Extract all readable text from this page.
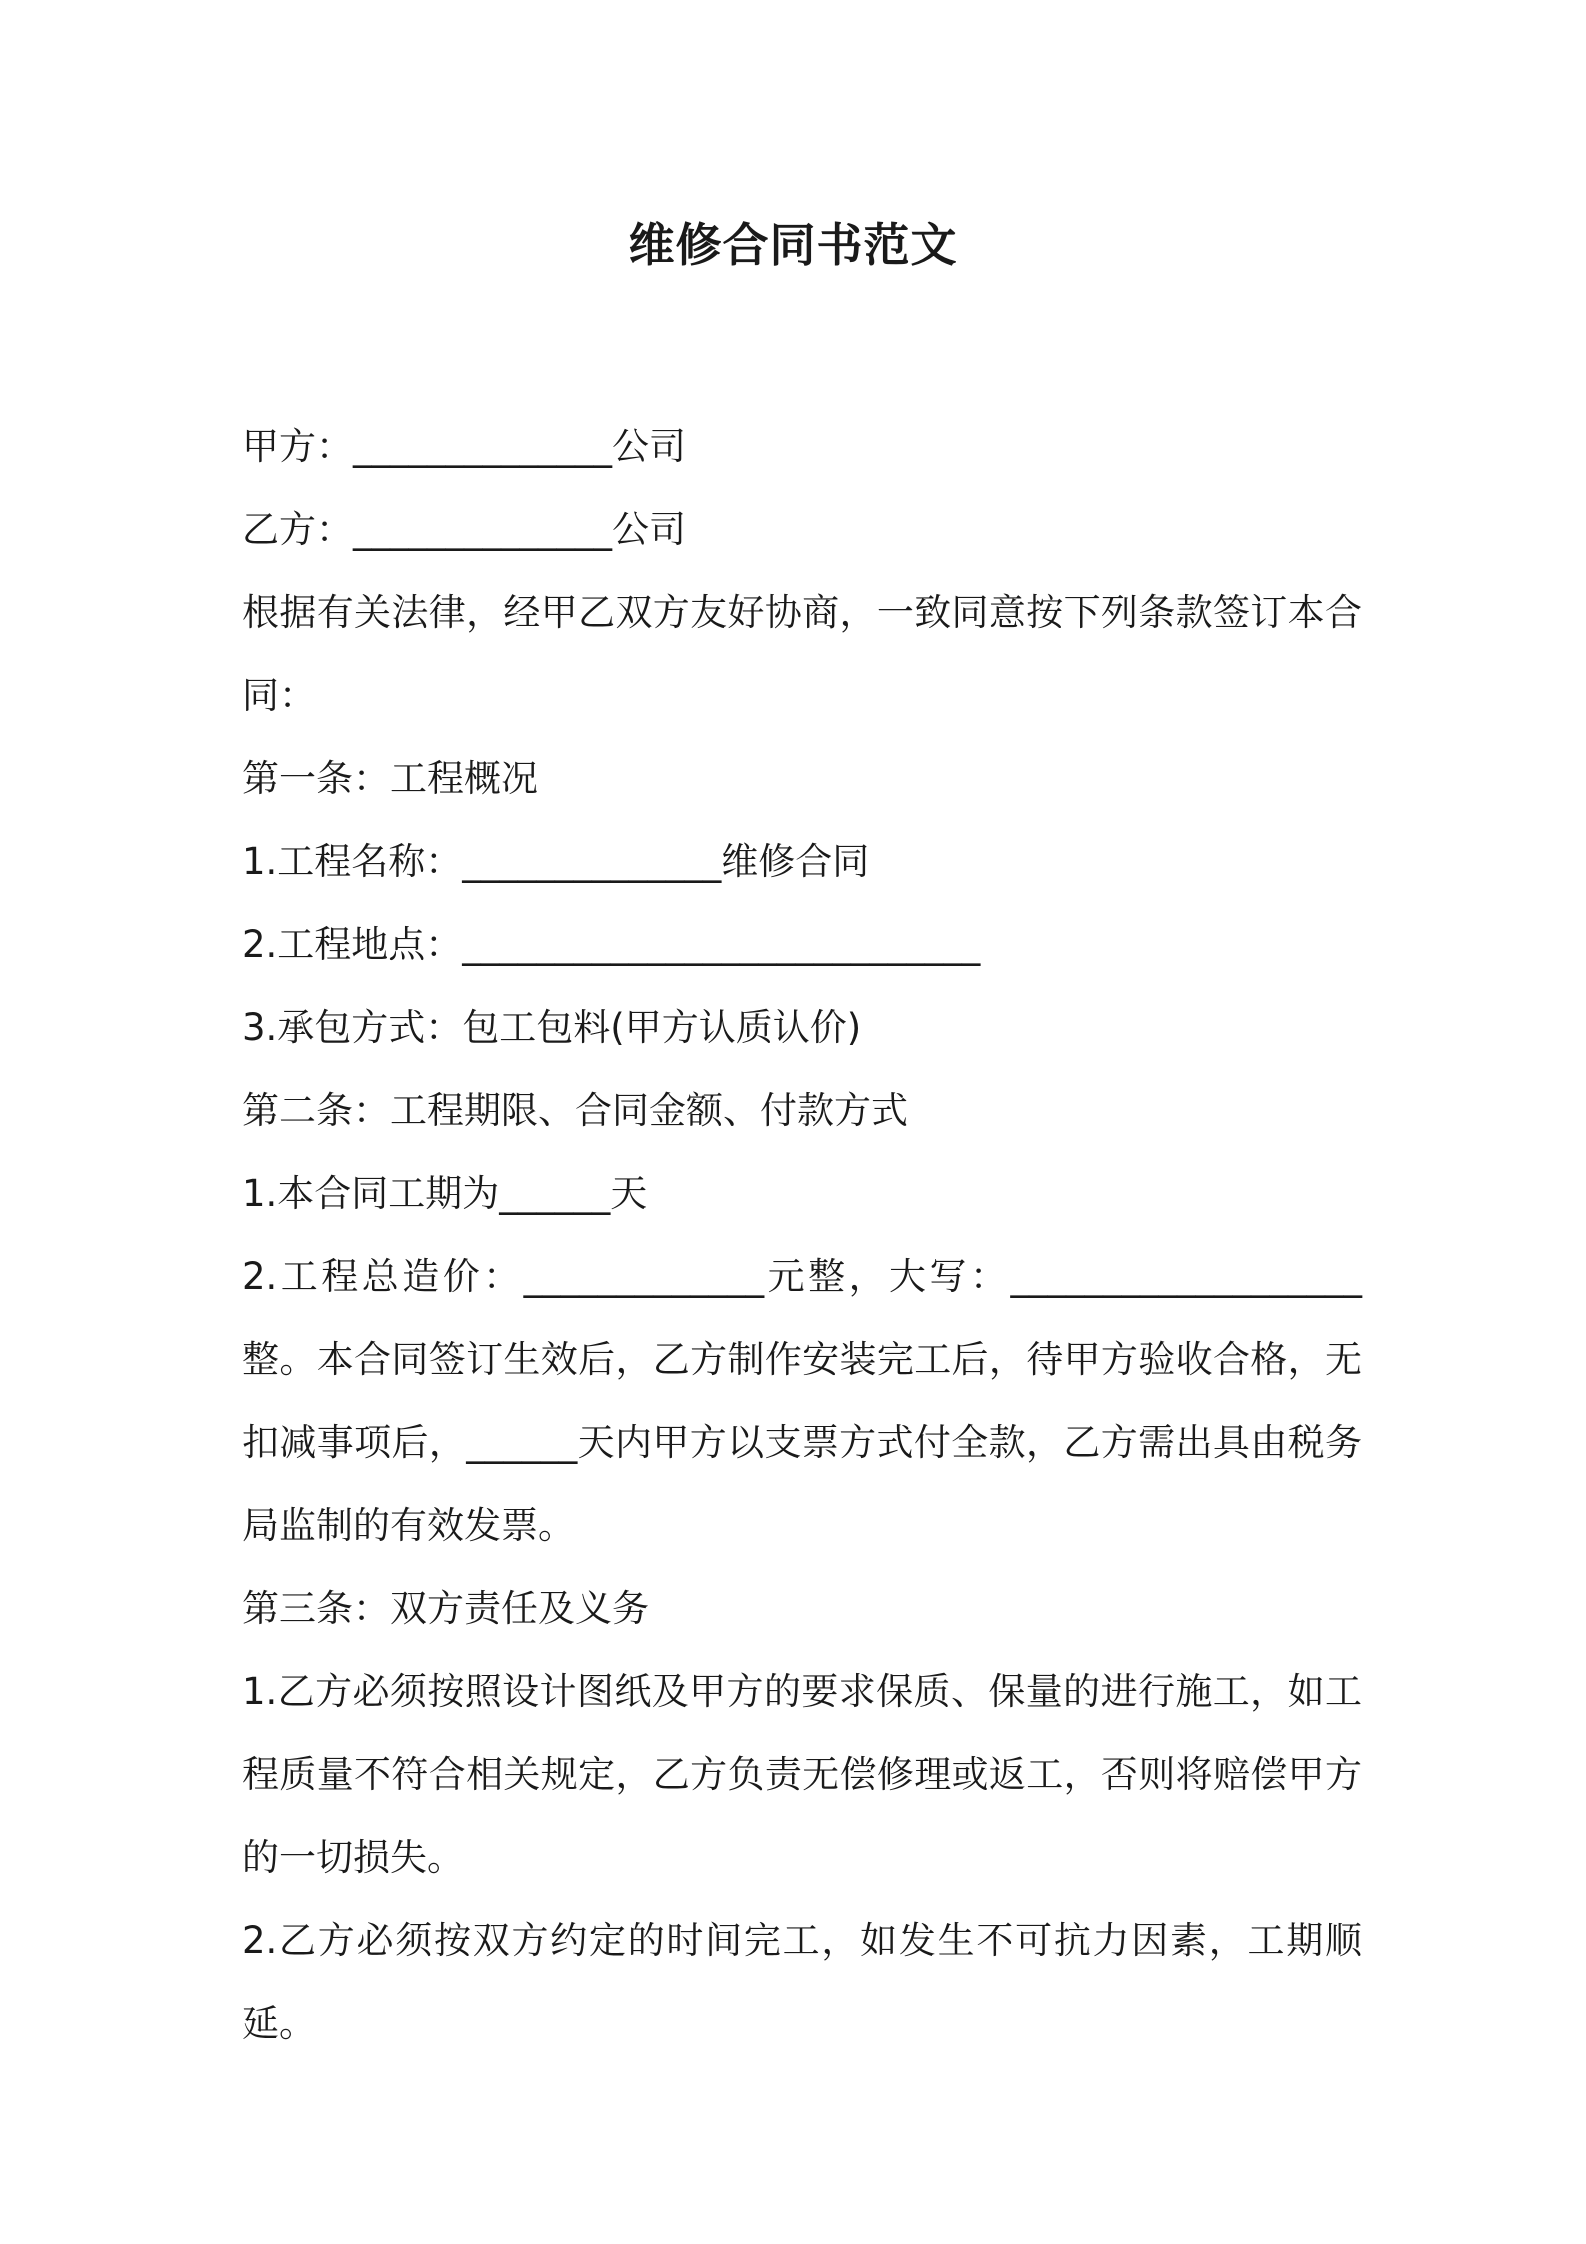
维修合同书范文

甲方：______________公司

乙方：______________公司

根据有关法律，经甲乙双方友好协商，一致同意按下列条款签订本合同：

第一条：工程概况

1.工程名称：______________维修合同

2.工程地点：____________________________

3.承包方式：包工包料(甲方认质认价)

第二条：工程期限、合同金额、付款方式

1.本合同工期为______天

2.工程总造价：_____________元整，大写：___________________整。本合同签订生效后，乙方制作安装完工后，待甲方验收合格，无扣减事项后，______天内甲方以支票方式付全款，乙方需出具由税务局监制的有效发票。

第三条：双方责任及义务

1.乙方必须按照设计图纸及甲方的要求保质、保量的进行施工，如工程质量不符合相关规定，乙方负责无偿修理或返工，否则将赔偿甲方的一切损失。

2.乙方必须按双方约定的时间完工，如发生不可抗力因素，工期顺延。
